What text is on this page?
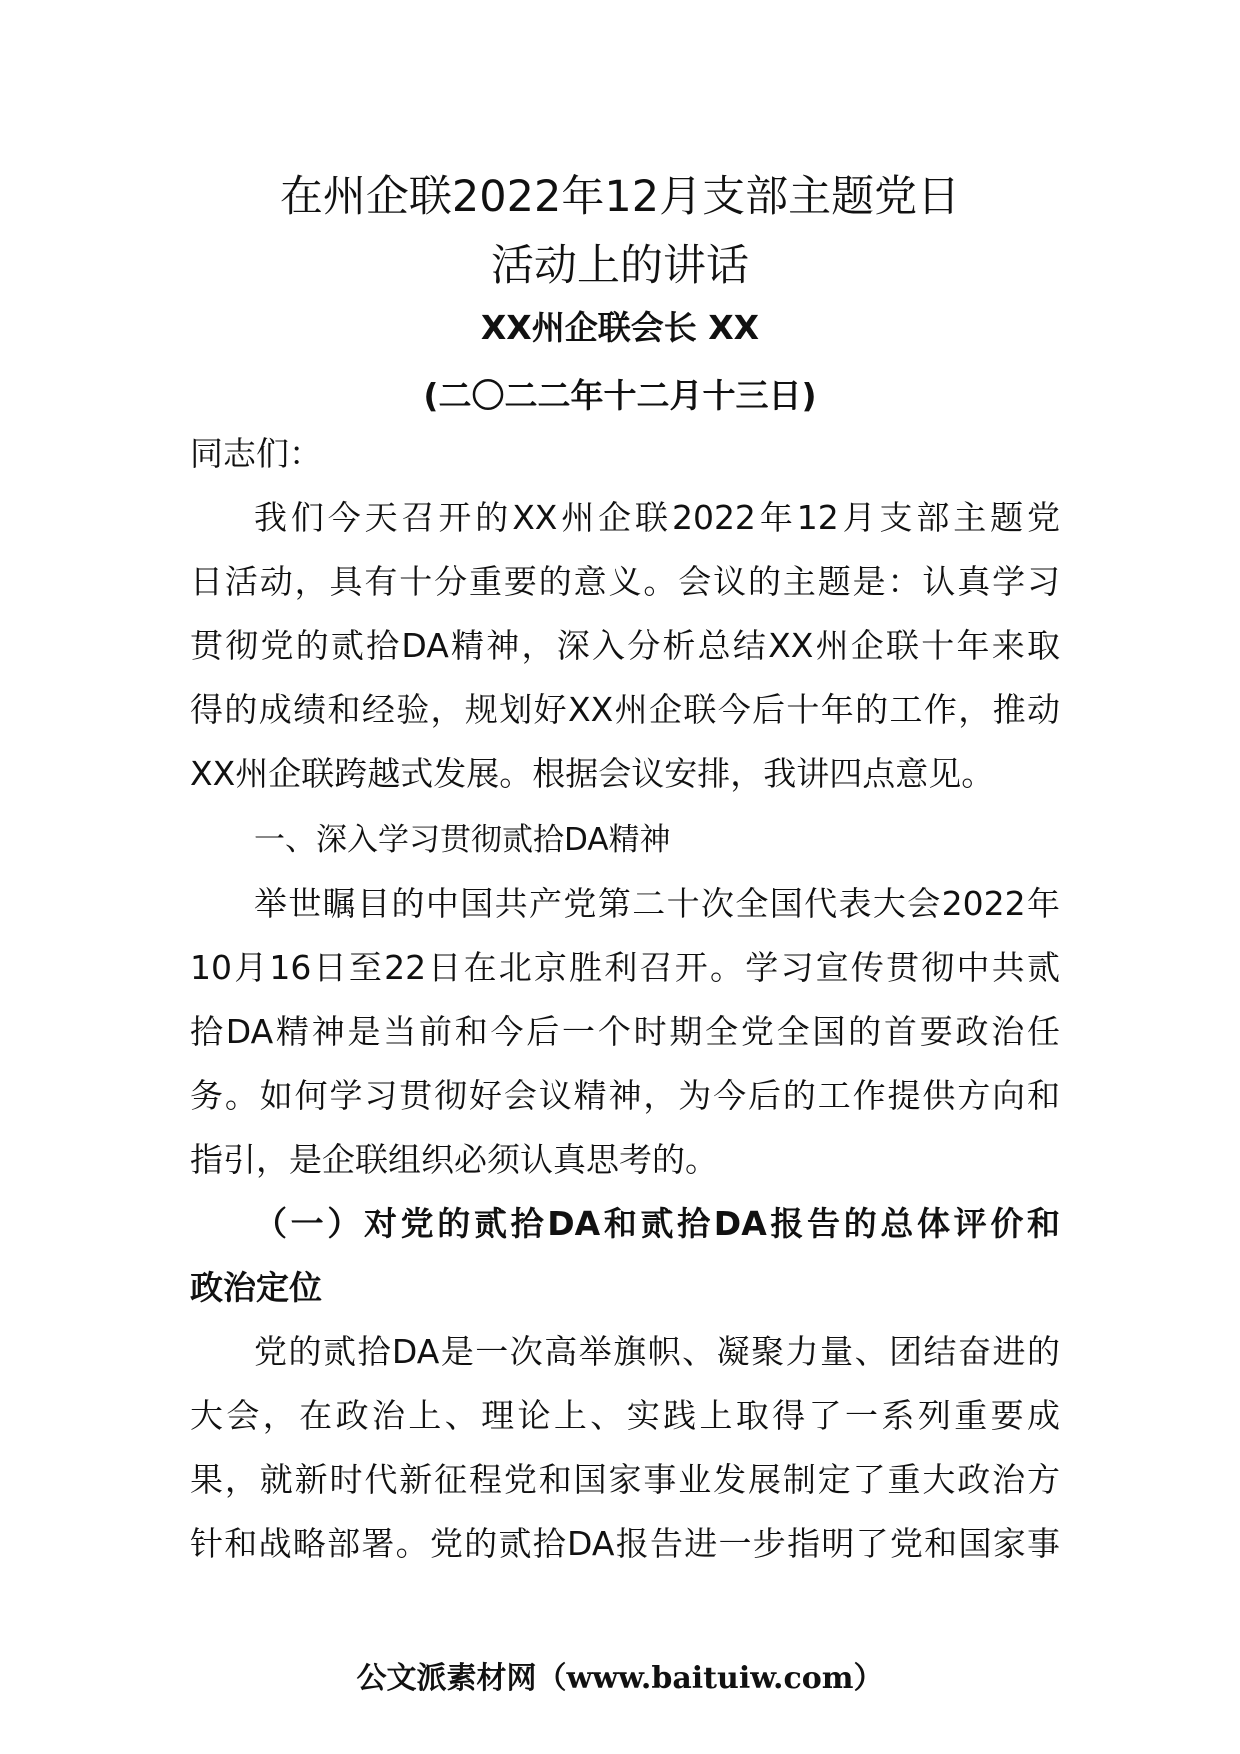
在州企联2022年12月支部主题党日
活动上的讲话
XX州企联会长 XX
(二〇二二年十二月十三日)
同志们：
我们今天召开的XX州企联2022年12月支部主题党
日活动，具有十分重要的意义。会议的主题是：认真学习
贯彻党的贰拾DA精神，深入分析总结XX州企联十年来取
得的成绩和经验，规划好XX州企联今后十年的工作，推动
XX州企联跨越式发展。根据会议安排，我讲四点意见。
一、深入学习贯彻贰拾DA精神
举世瞩目的中国共产党第二十次全国代表大会2022年
10月16日至22日在北京胜利召开。学习宣传贯彻中共贰
拾DA精神是当前和今后一个时期全党全国的首要政治任
务。如何学习贯彻好会议精神，为今后的工作提供方向和
指引，是企联组织必须认真思考的。
（一）对党的贰拾DA和贰拾DA报告的总体评价和
政治定位
党的贰拾DA是一次高举旗帜、凝聚力量、团结奋进的
大会，在政治上、理论上、实践上取得了一系列重要成
果，就新时代新征程党和国家事业发展制定了重大政治方
针和战略部署。党的贰拾DA报告进一步指明了党和国家事
公文派素材网（www.baituiw.com）
